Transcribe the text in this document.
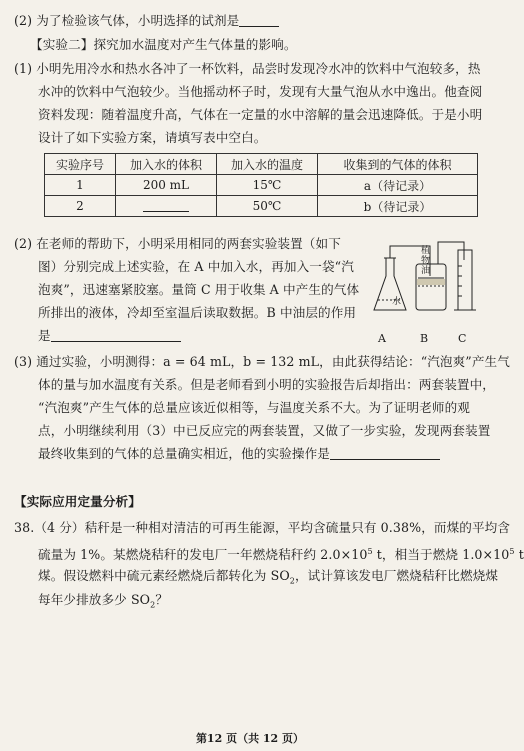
(2) 为了检验该气体，小明选择的试剂是
【实验二】探究加水温度对产生气体量的影响。
(1) 小明先用冷水和热水各冲了一杯饮料，品尝时发现冷水冲的饮料中气泡较多，热
水冲的饮料中气泡较少。当他摇动杯子时，发现有大量气泡从水中逸出。他查阅
资料发现：随着温度升高，气体在一定量的水中溶解的量会迅速降低。于是小明
设计了如下实验方案，请填写表中空白。
实验序号	加入水的体积	加入水的温度	收集到的气体的体积
1	200 mL	15℃	a（待记录）
2		50℃	b（待记录）
(2) 在老师的帮助下，小明采用相同的两套实验装置（如下
图）分别完成上述实验，在 A 中加入水，再加入一袋“汽
泡爽”，迅速塞紧胶塞。量筒 C 用于收集 A 中产生的气体
所排出的液体，冷却至室温后读取数据。B 中油层的作用
是
植物油
水
A	B	C
(3) 通过实验，小明测得：a = 64 mL，b = 132 mL，由此获得结论：“汽泡爽”产生气
体的量与加水温度有关系。但是老师看到小明的实验报告后却指出：两套装置中，
“汽泡爽”产生气体的总量应该近似相等，与温度关系不大。为了证明老师的观
点，小明继续利用（3）中已反应完的两套装置，又做了一步实验，发现两套装置
最终收集到的气体的总量确实相近，他的实验操作是
【实际应用定量分析】
38.（4 分）秸秆是一种相对清洁的可再生能源，平均含硫量只有 0.38%，而煤的平均含
硫量为 1%。某燃烧秸秆的发电厂一年燃烧秸秆约 $2.0\times 10^5$ t，相当于燃烧 $1.0\times 10^5$ t
煤。假设燃料中硫元素经燃烧后都转化为 $SO_2$，试计算该发电厂燃烧秸秆比燃烧煤
每年少排放多少 $SO_2$？
第12 页（共 12 页）
